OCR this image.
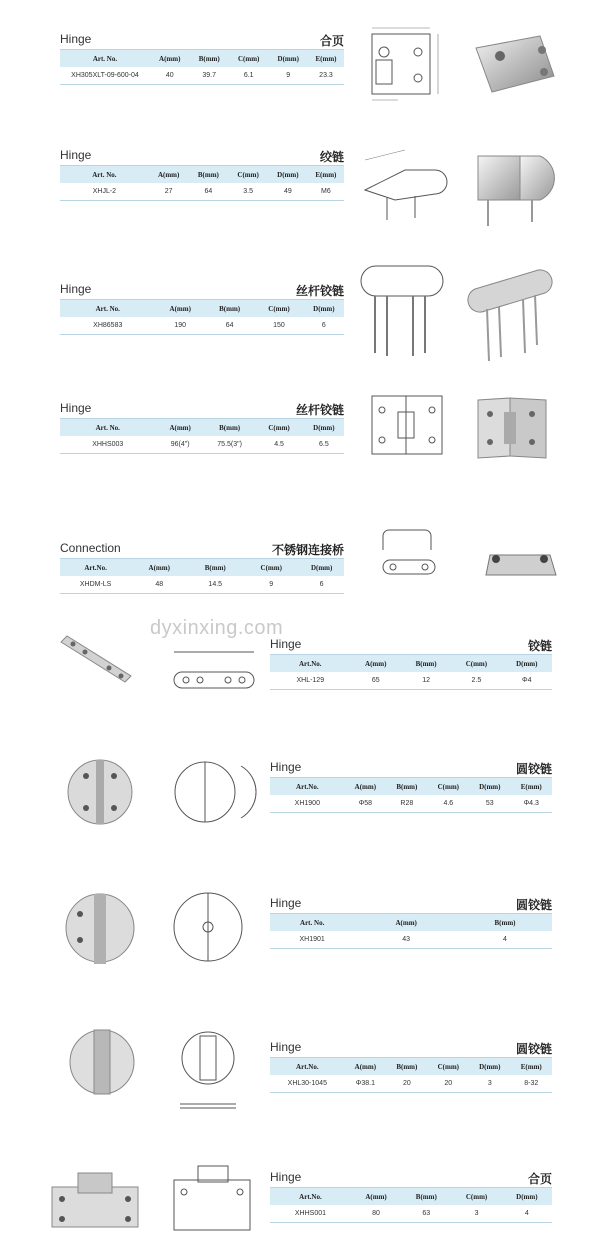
dyxinxing.com
Hinge	合页
Art. No.	A(mm)	B(mm)	C(mm)	D(mm)	E(mm)
XH305XLT-09-600-04	40	39.7	6.1	9	23.3
Hinge	绞链
Art. No.	A(mm)	B(mm)	C(mm)	D(mm)	E(mm)
XHJL-2	27	64	3.5	49	M6
Hinge	丝杆铰链
Art. No.	A(mm)	B(mm)	C(mm)	D(mm)
XH86583	190	64	150	6
Hinge	丝杆铰链
Art. No.	A(mm)	B(mm)	C(mm)	D(mm)
XHHS003	96(4")	75.5(3")	4.5	6.5
Connection	不锈钢连接桥
Art.No.	A(mm)	B(mm)	C(mm)	D(mm)
XHDM-LS	48	14.5	9	6
Hinge	铰链
Art.No.	A(mm)	B(mm)	C(mm)	D(mm)
XHL-129	65	12	2.5	Φ4
Hinge	圆铰链
Art.No.	A(mm)	B(mm)	C(mm)	D(mm)	E(mm)
XH1900	Φ58	R28	4.6	53	Φ4.3
Hinge	圆铰链
Art. No.	A(mm)	B(mm)
XH1901	43	4
Hinge	圆铰链
Art.No.	A(mm)	B(mm)	C(mm)	D(mm)	E(mm)
XHL30-1045	Φ38.1	20	20	3	8-32
Hinge	合页
Art.No.	A(mm)	B(mm)	C(mm)	D(mm)
XHHS001	80	63	3	4
